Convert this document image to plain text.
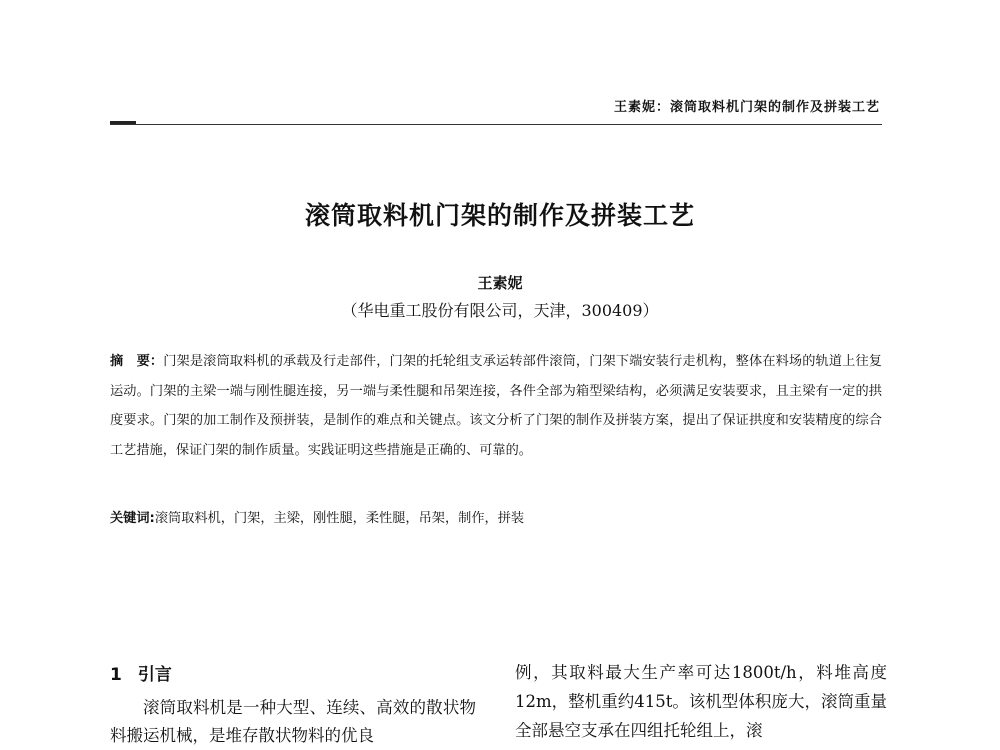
王素妮：滚筒取料机门架的制作及拼装工艺
滚筒取料机门架的制作及拼装工艺
王素妮
（华电重工股份有限公司，天津，300409）
摘　要：门架是滚筒取料机的承载及行走部件，门架的托轮组支承运转部件滚筒，门架下端安装行走机构，整体在料场的轨道上往复运动。门架的主梁一端与刚性腿连接，另一端与柔性腿和吊架连接，各件全部为箱型梁结构，必须满足安装要求，且主梁有一定的拱度要求。门架的加工制作及预拼装，是制作的难点和关键点。该文分析了门架的制作及拼装方案，提出了保证拱度和安装精度的综合工艺措施，保证门架的制作质量。实践证明这些措施是正确的、可靠的。
关键词:滚筒取料机，门架，主梁，刚性腿，柔性腿，吊架，制作，拼装
1 引言

滚筒取料机是一种大型、连续、高效的散状物料搬运机械，是堆存散状物料的优良

例，其取料最大生产率可达1800t/h，料堆高度 12m，整机重约415t。该机型体积庞大，滚筒重量全部悬空支承在四组托轮组上，滚
